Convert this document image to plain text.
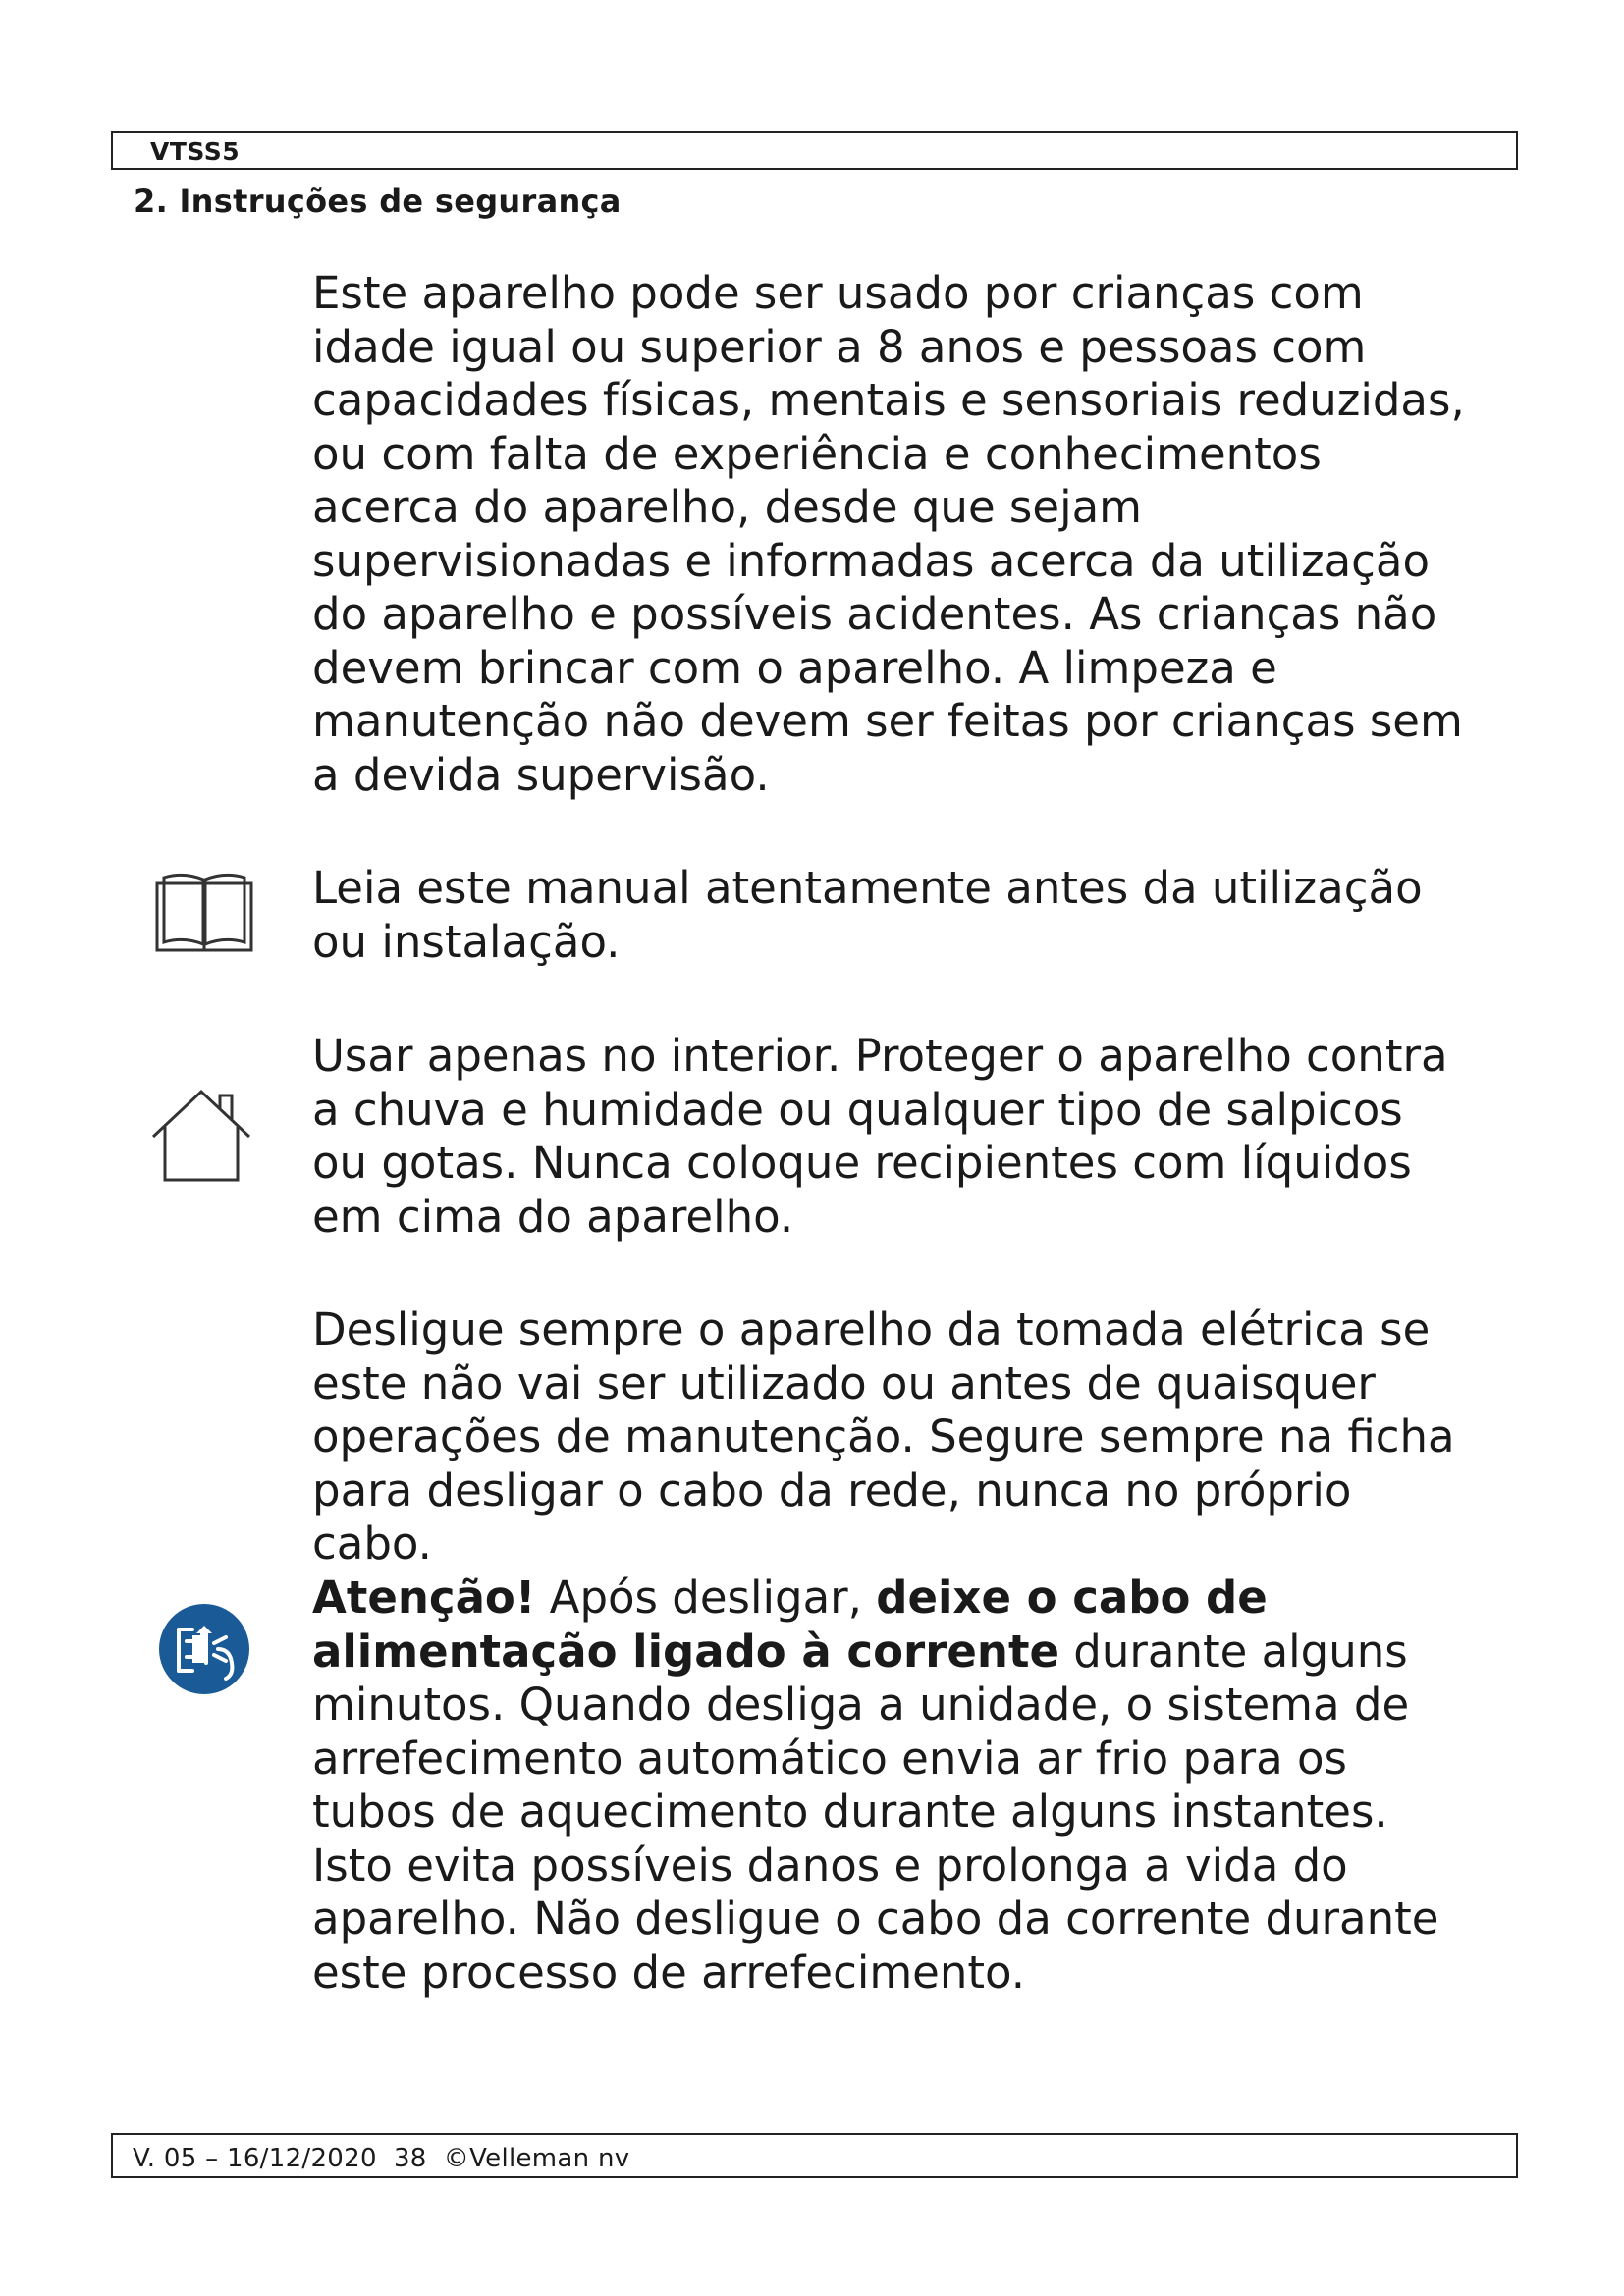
VTSS5
2. Instruções de segurança

Este aparelho pode ser usado por crianças com
idade igual ou superior a 8 anos e pessoas com
capacidades físicas, mentais e sensoriais reduzidas,
ou com falta de experiência e conhecimentos
acerca do aparelho, desde que sejam
supervisionadas e informadas acerca da utilização
do aparelho e possíveis acidentes. As crianças não
devem brincar com o aparelho. A limpeza e
manutenção não devem ser feitas por crianças sem
a devida supervisão.

Leia este manual atentamente antes da utilização
ou instalação.

Usar apenas no interior. Proteger o aparelho contra
a chuva e humidade ou qualquer tipo de salpicos
ou gotas. Nunca coloque recipientes com líquidos
em cima do aparelho.

Desligue sempre o aparelho da tomada elétrica se
este não vai ser utilizado ou antes de quaisquer
operações de manutenção. Segure sempre na ficha
para desligar o cabo da rede, nunca no próprio
cabo.

Atenção! Após desligar, deixe o cabo de
alimentação ligado à corrente durante alguns
minutos. Quando desliga a unidade, o sistema de
arrefecimento automático envia ar frio para os
tubos de aquecimento durante alguns instantes.
Isto evita possíveis danos e prolonga a vida do
aparelho. Não desligue o cabo da corrente durante
este processo de arrefecimento.

V. 05 – 16/12/2020  38  ©Velleman nv
